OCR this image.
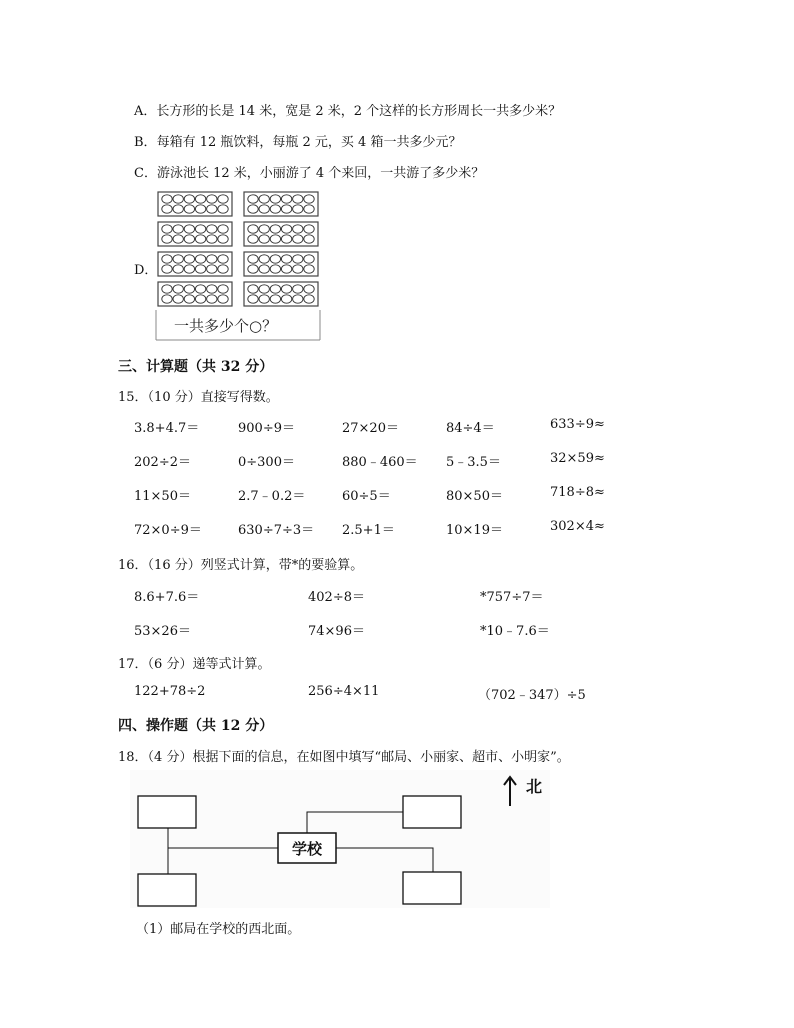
A．长方形的长是 14 米，宽是 2 米，2 个这样的长方形周长一共多少米？
B．每箱有 12 瓶饮料，每瓶 2 元，买 4 箱一共多少元？
C．游泳池长 12 米，小丽游了 4 个来回，一共游了多少米？
D．
一共多少个○？
三、计算题（共 32 分）
15．（10 分）直接写得数。
3.8+4.7＝	900÷9＝	27×20＝	84÷4＝	633÷9≈
202÷2＝	0÷300＝	880﹣460＝ 5﹣3.5＝	32×59≈
11×50＝	2.7﹣0.2＝	60÷5＝	80×50＝	718÷8≈
72×0÷9＝	630÷7÷3＝ 2.5+1＝	10×19＝	302×4≈
16．（16 分）列竖式计算，带*的要验算。
8.6+7.6＝	402÷8＝	*757÷7＝
53×26＝	74×96＝	*10﹣7.6＝
17．（6 分）递等式计算。
122+78÷2	256÷4×11	（702﹣347）÷5
四、操作题（共 12 分）
18．（4 分）根据下面的信息，在如图中填写“邮局、小丽家、超市、小明家”。
学校
北
（1）邮局在学校的西北面。
